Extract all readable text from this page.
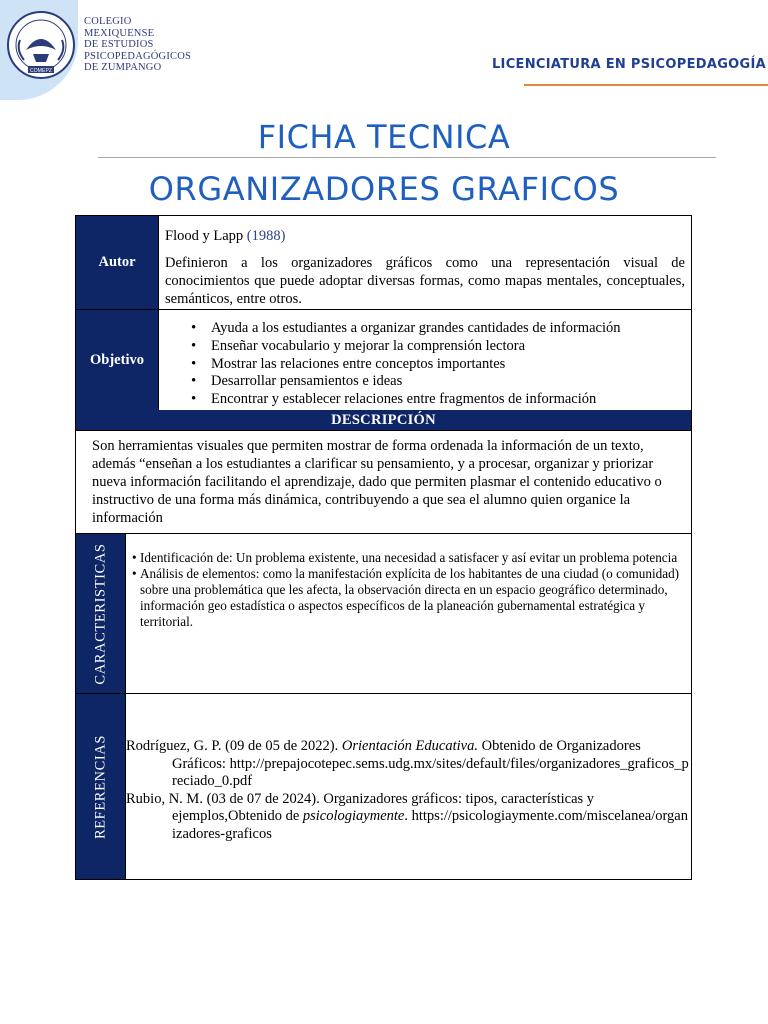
COMEPZ
COLEGIO
MEXIQUENSE
DE ESTUDIOS
PSICOPEDAGÓGICOS
DE ZUMPANGO	LICENCIATURA EN PSICOPEDAGOGÍA
FICHA TECNICA
ORGANIZADORES GRAFICOS
Autor
Flood y Lapp (1988)
Definieron a los organizadores gráficos como una representación visual de conocimientos que puede adoptar diversas formas, como mapas mentales, conceptuales, semánticos, entre otros.
Objetivo
• Ayuda a los estudiantes a organizar grandes cantidades de información
• Enseñar vocabulario y mejorar la comprensión lectora
• Mostrar las relaciones entre conceptos importantes
• Desarrollar pensamientos e ideas
• Encontrar y establecer relaciones entre fragmentos de información
DESCRIPCIÓN
Son herramientas visuales que permiten mostrar de forma ordenada la información de un texto, además “enseñan a los estudiantes a clarificar su pensamiento, y a procesar, organizar y priorizar nueva información facilitando el aprendizaje, dado que permiten plasmar el contenido educativo o instructivo de una forma más dinámica, contribuyendo a que sea el alumno quien organice la información
CARACTERISTICAS
•	Identificación de: Un problema existente, una necesidad a satisfacer y así evitar un problema potencia
• Análisis de elementos: como la manifestación explícita de los habitantes de una ciudad (o comunidad) sobre una problemática que les afecta, la observación directa en un espacio geográfico determinado, información geo estadística o aspectos específicos de la planeación gubernamental estratégica y territorial.
REFERENCIAS Rodríguez, G. P. (09 de 05 de 2022). Orientación Educativa. Obtenido de Organizadores Gráficos: http://prepajocotepec.sems.udg.mx/sites/default/files/organizadores_graficos_preciado_0.pdf
Rubio, N. M. (03 de 07 de 2024). Organizadores gráficos: tipos, características y ejemplos,Obtenido de psicologiaymente. https://psicologiaymente.com/miscelanea/organizadores-graficos
